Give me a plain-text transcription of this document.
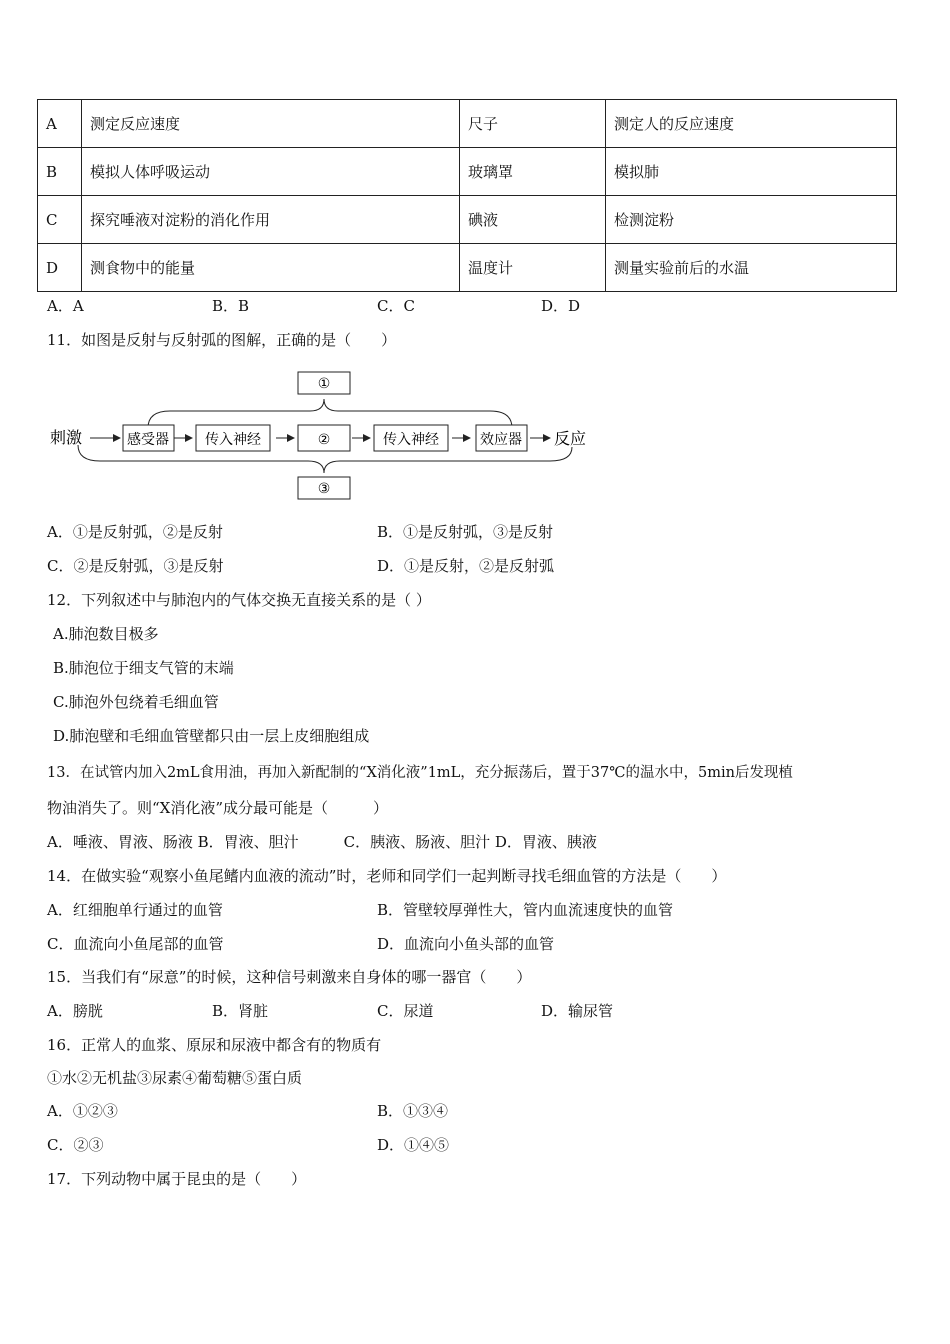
A	测定反应速度	尺子	测定人的反应速度
B	模拟人体呼吸运动	玻璃罩	模拟肺
C	探究唾液对淀粉的消化作用	碘液	检测淀粉
D	测食物中的能量	温度计	测量实验前后的水温
A．A	B．B	C．C	D．D
11．如图是反射与反射弧的图解，正确的是（　　）
①
刺激	感受器	传入神经	②	传入神经	效应器 反应
③
A．①是反射弧，②是反射	B．①是反射弧，③是反射
C．②是反射弧，③是反射	D．①是反射，②是反射弧
12．下列叙述中与肺泡内的气体交换无直接关系的是（ ）
A.肺泡数目极多
B.肺泡位于细支气管的末端
C.肺泡外包绕着毛细血管
D.肺泡壁和毛细血管壁都只由一层上皮细胞组成
13．在试管内加入2mL食用油，再加入新配制的“X消化液”1mL，充分振荡后，置于37℃的温水中，5min后发现植
物油消失了。则“X消化液”成分最可能是（　　　）
A．唾液、胃液、肠液 B．胃液、胆汁　　　C．胰液、肠液、胆汁 D．胃液、胰液
14．在做实验“观察小鱼尾鳍内血液的流动”时，老师和同学们一起判断寻找毛细血管的方法是（　　）
A．红细胞单行通过的血管	B．管壁较厚弹性大，管内血流速度快的血管
C．血流向小鱼尾部的血管	D．血流向小鱼头部的血管
15．当我们有“尿意”的时候，这种信号刺激来自身体的哪一器官（　　）
A．膀胱	B．肾脏	C．尿道	D．输尿管
16．正常人的血浆、原尿和尿液中都含有的物质有
①水②无机盐③尿素④葡萄糖⑤蛋白质
A．①②③	B．①③④
C．②③	D．①④⑤
17．下列动物中属于昆虫的是（　　）
